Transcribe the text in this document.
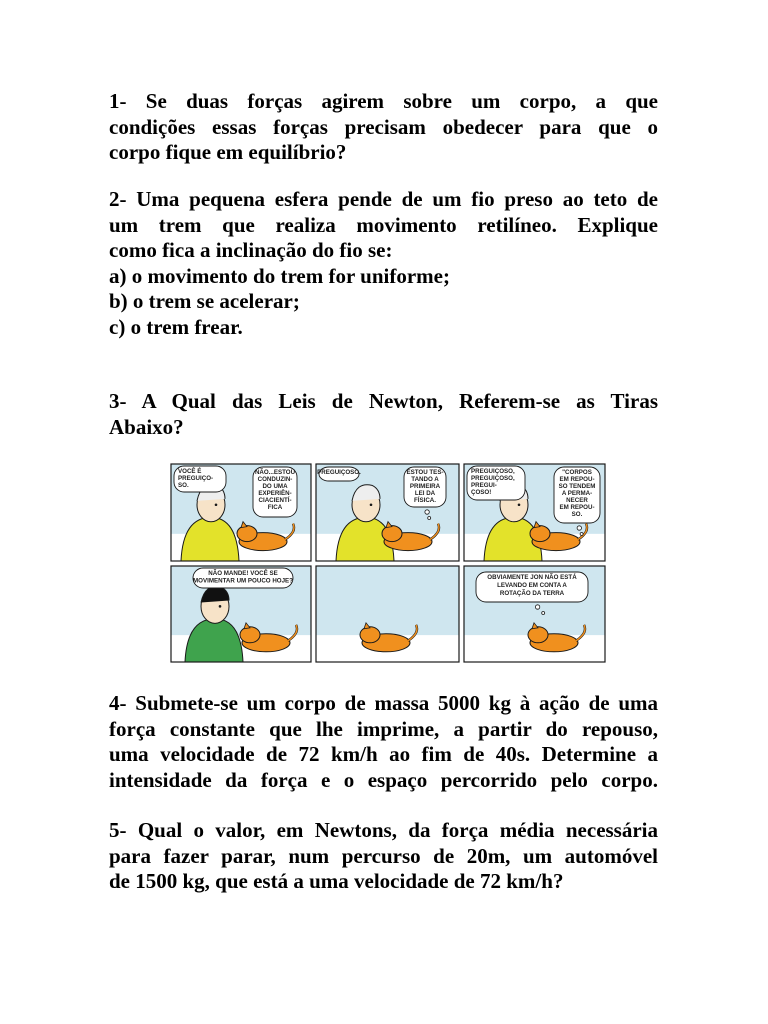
1- Se duas forças agirem sobre um corpo, a que

condições essas forças precisam obedecer para que o

corpo fique em equilíbrio?

2- Uma pequena esfera pende de um fio preso ao teto de

um trem que realiza movimento retilíneo. Explique

como fica a inclinação do fio se:

a) o movimento do trem for uniforme;

b) o trem se acelerar;

c) o trem frear.

3- A Qual das Leis de Newton, Referem-se as Tiras

Abaixo?

VOCÊ É
PREGUIÇO-
SO.
NÃO...ESTOU
CONDUZIN-
DO UMA
EXPERIÊN-
CIACIENTÍ-
FICA
PREGUIÇOSO.	ESTOU TES-
TANDO A
PRIMEIRA
LEI DA
FÍSICA.
PREGUIÇOSO,
PREGUIÇOSO,
PREGUI-
ÇOSO!
"CORPOS
EM REPOU-
SO TENDEM
A PERMA-
NECER
EM REPOU-
SO.
NÃO MANDE! VOCÊ SE
MOVIMENTAR UM POUCO HOJE?	OBVIAMENTE JON NÃO ESTÁ
LEVANDO EM CONTA A
ROTAÇÃO DA TERRA

4- Submete-se um corpo de massa 5000 kg à ação de uma

força constante que lhe imprime, a partir do repouso,

uma velocidade de 72 km/h ao fim de 40s. Determine a

intensidade da força e o espaço percorrido pelo corpo.

5- Qual o valor, em Newtons, da força média necessária

para fazer parar, num percurso de 20m, um automóvel

de 1500 kg, que está a uma velocidade de 72 km/h?
